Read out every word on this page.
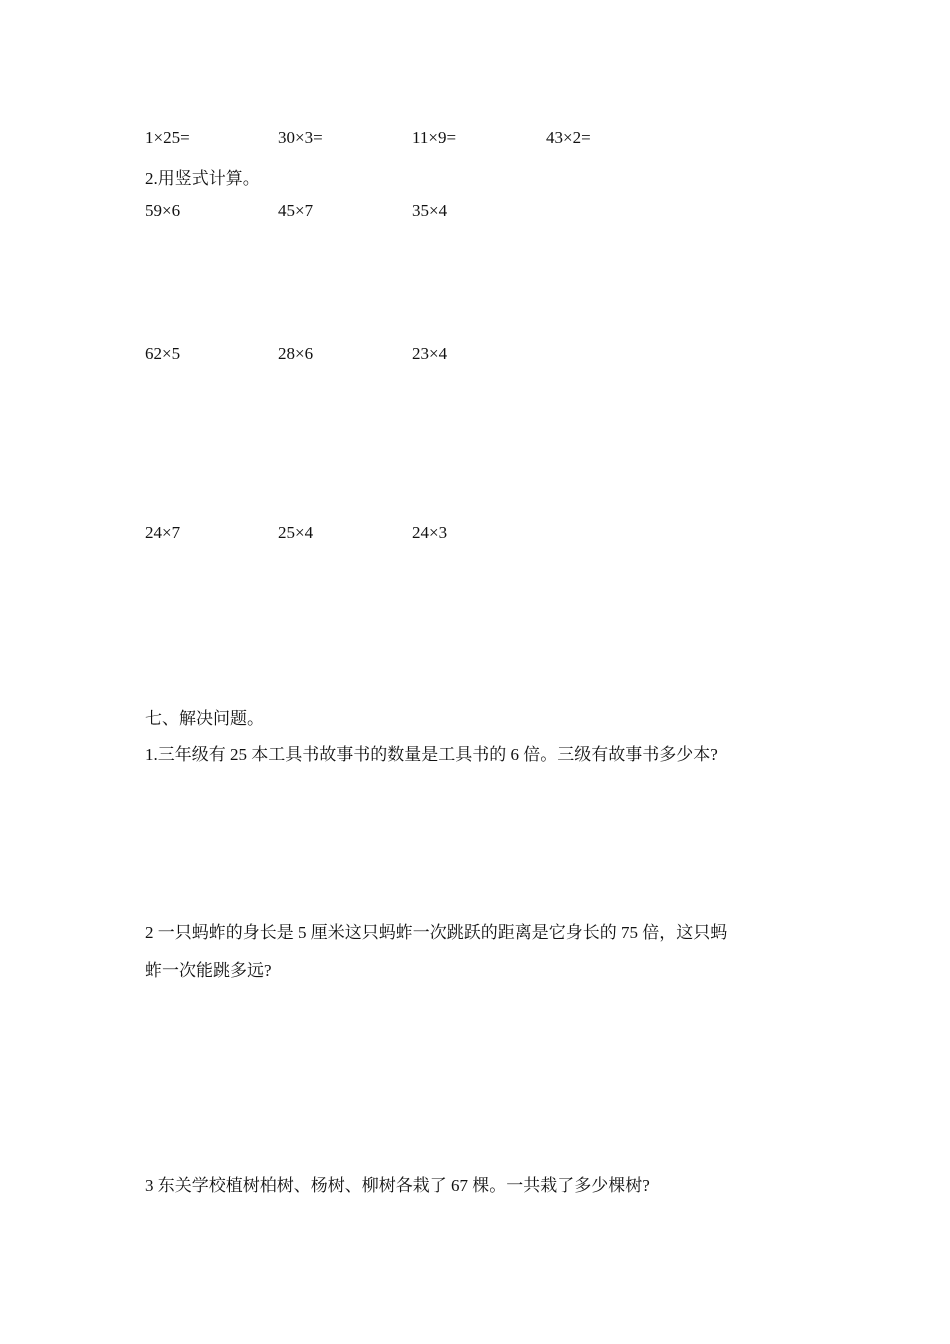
1×25=	30×3=	11×9=	43×2=
2.用竖式计算。
59×6	45×7	35×4
62×5	28×6	23×4
24×7	25×4	24×3
七、解决问题。
1.三年级有 25 本工具书故事书的数量是工具书的 6 倍。三级有故事书多少本?
2 一只蚂蚱的身长是 5 厘米这只蚂蚱一次跳跃的距离是它身长的 75 倍，这只蚂
蚱一次能跳多远?
3 东关学校植树柏树、杨树、柳树各栽了 67 棵。一共栽了多少棵树?
